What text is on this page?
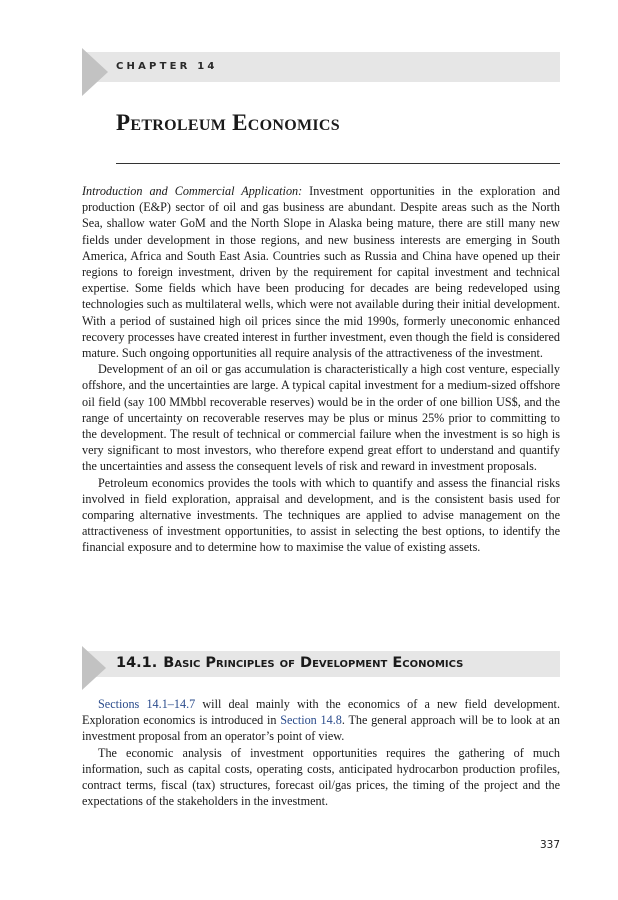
CHAPTER 14
Petroleum Economics

Introduction and Commercial Application: Investment opportunities in the exploration and production (E&P) sector of oil and gas business are abundant. Despite areas such as the North Sea, shallow water GoM and the North Slope in Alaska being mature, there are still many new fields under development in those regions, and new business interests are emerging in South America, Africa and South East Asia. Countries such as Russia and China have opened up their regions to foreign investment, driven by the requirement for capital investment and technical expertise. Some fields which have been producing for decades are being redeveloped using technologies such as multilateral wells, which were not available during their initial development. With a period of sustained high oil prices since the mid 1990s, formerly uneconomic enhanced recovery processes have created interest in further investment, even though the field is considered mature. Such ongoing opportunities all require analysis of the attractiveness of the investment.

Development of an oil or gas accumulation is characteristically a high cost venture, especially offshore, and the uncertainties are large. A typical capital investment for a medium-sized offshore oil field (say 100 MMbbl recoverable reserves) would be in the order of one billion US$, and the range of uncertainty on recoverable reserves may be plus or minus 25% prior to committing to the development. The result of technical or commercial failure when the investment is so high is very significant to most investors, who therefore expend great effort to understand and quantify the uncertainties and assess the consequent levels of risk and reward in investment proposals.

Petroleum economics provides the tools with which to quantify and assess the financial risks involved in field exploration, appraisal and development, and is the consistent basis used for comparing alternative investments. The techniques are applied to advise management on the attractiveness of investment opportunities, to assist in selecting the best options, to identify the financial exposure and to determine how to maximise the value of existing assets.

14.1. Basic Principles of Development Economics

Sections 14.1–14.7 will deal mainly with the economics of a new field development. Exploration economics is introduced in Section 14.8. The general approach will be to look at an investment proposal from an operator’s point of view.

The economic analysis of investment opportunities requires the gathering of much information, such as capital costs, operating costs, anticipated hydrocarbon production profiles, contract terms, fiscal (tax) structures, forecast oil/gas prices, the timing of the project and the expectations of the stakeholders in the investment.

337
